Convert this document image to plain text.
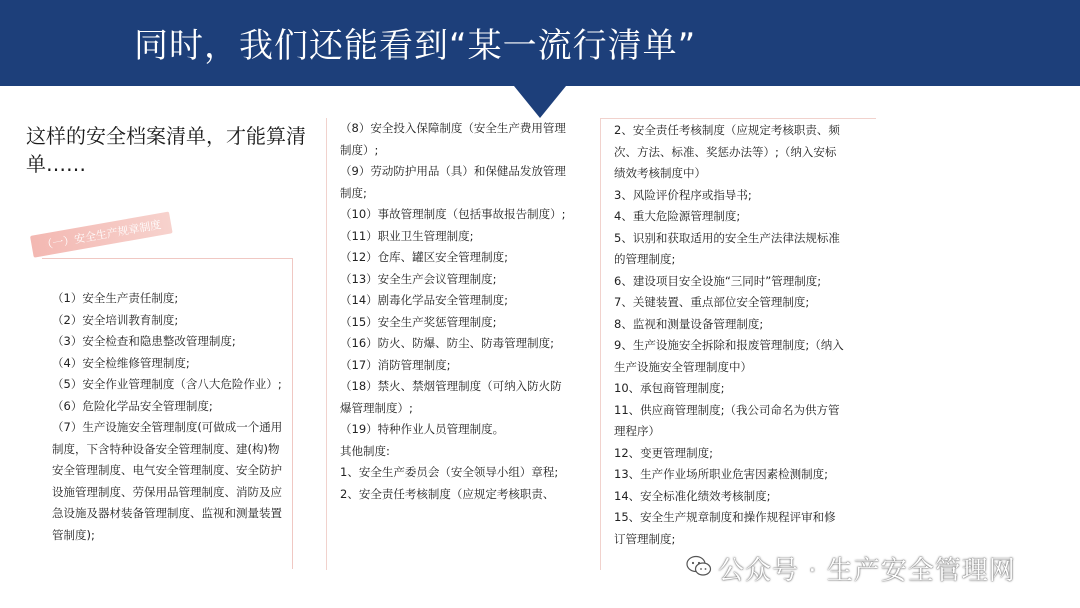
同时，我们还能看到“某一流行清单”
这样的安全档案清单，才能算清单……
（一）安全生产规章制度

（1）安全生产责任制度;

（2）安全培训教育制度;

（3）安全检查和隐患整改管理制度;

（4）安全检维修管理制度;

（5）安全作业管理制度（含八大危险作业）;

（6）危险化学品安全管理制度;

（7）生产设施安全管理制度(可做成一个通用制度，下含特种设备安全管理制度、建(构)物安全管理制度、电气安全管理制度、安全防护设施管理制度、劳保用品管理制度、消防及应急设施及器材装备管理制度、监视和测量装置管制度);

（8）安全投入保障制度（安全生产费用管理制度）;

（9）劳动防护用品（具）和保健品发放管理制度;

（10）事故管理制度（包括事故报告制度）;

（11）职业卫生管理制度;

（12）仓库、罐区安全管理制度;

（13）安全生产会议管理制度;

（14）剧毒化学品安全管理制度;

（15）安全生产奖惩管理制度;

（16）防火、防爆、防尘、防毒管理制度;

（17）消防管理制度;

（18）禁火、禁烟管理制度（可纳入防火防爆管理制度）;

（19）特种作业人员管理制度。

其他制度:

1、安全生产委员会（安全领导小组）章程;

2、安全责任考核制度（应规定考核职责、

2、安全责任考核制度（应规定考核职责、频次、方法、标准、奖惩办法等）;（纳入安标绩效考核制度中）

3、风险评价程序或指导书;

4、重大危险源管理制度;

5、识别和获取适用的安全生产法律法规标准的管理制度;

6、建设项目安全设施“三同时”管理制度;

7、关键装置、重点部位安全管理制度;

8、监视和测量设备管理制度;

9、生产设施安全拆除和报废管理制度;（纳入生产设施安全管理制度中）

10、承包商管理制度;

11、供应商管理制度;（我公司命名为供方管理程序）

12、变更管理制度;

13、生产作业场所职业危害因素检测制度;

14、安全标准化绩效考核制度;

15、安全生产规章制度和操作规程评审和修订管理制度;

公众号 · 生产安全管理网
